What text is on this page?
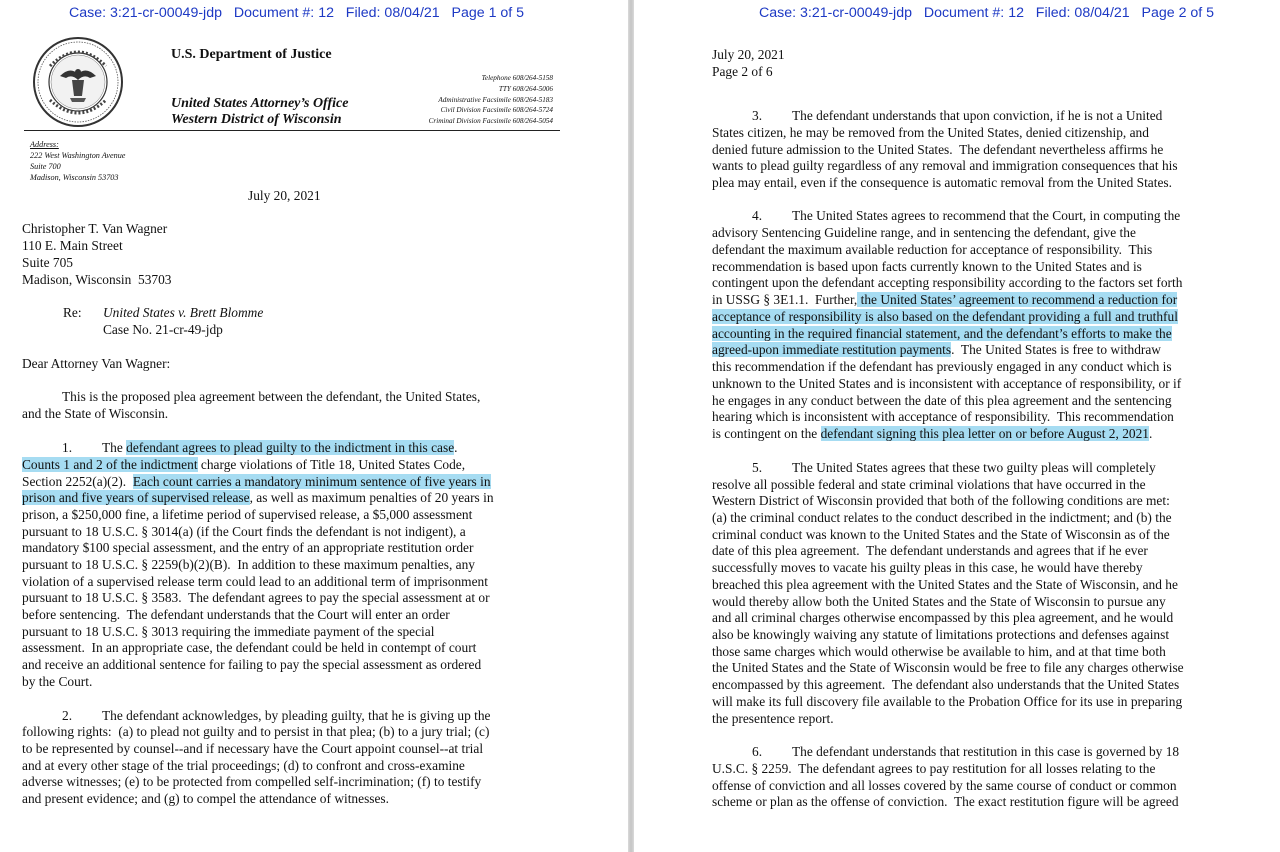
Case: 3:21-cr-00049-jdp   Document #: 12   Filed: 08/04/21   Page 1 of 5
U.S. Department of Justice
United States Attorney’s Office
Western District of Wisconsin
Telephone 608/264-5158
TTY 608/264-5006
Administrative Facsimile 608/264-5183
Civil Division Facsimile 608/264-5724
Criminal Division Facsimile 608/264-5054
Address:
222 West Washington Avenue
Suite 700
Madison, Wisconsin 53703
July 20, 2021
Christopher T. Van Wagner
110 E. Main Street
Suite 705
Madison, Wisconsin  53703
Re: United States v. Brett Blomme
Case No. 21-cr-49-jdp
Dear Attorney Van Wagner:
This is the proposed plea agreement between the defendant, the United States,
and the State of Wisconsin.
1. The defendant agrees to plead guilty to the indictment in this case.
Counts 1 and 2 of the indictment charge violations of Title 18, United States Code,
Section 2252(a)(2).  Each count carries a mandatory minimum sentence of five years in
prison and five years of supervised release, as well as maximum penalties of 20 years in
prison, a $250,000 fine, a lifetime period of supervised release, a $5,000 assessment
pursuant to 18 U.S.C. § 3014(a) (if the Court finds the defendant is not indigent), a
mandatory $100 special assessment, and the entry of an appropriate restitution order
pursuant to 18 U.S.C. § 2259(b)(2)(B).  In addition to these maximum penalties, any
violation of a supervised release term could lead to an additional term of imprisonment
pursuant to 18 U.S.C. § 3583.  The defendant agrees to pay the special assessment at or
before sentencing.  The defendant understands that the Court will enter an order
pursuant to 18 U.S.C. § 3013 requiring the immediate payment of the special
assessment.  In an appropriate case, the defendant could be held in contempt of court
and receive an additional sentence for failing to pay the special assessment as ordered
by the Court.
2. The defendant acknowledges, by pleading guilty, that he is giving up the
following rights:  (a) to plead not guilty and to persist in that plea; (b) to a jury trial; (c)
to be represented by counsel--and if necessary have the Court appoint counsel--at trial
and at every other stage of the trial proceedings; (d) to confront and cross-examine
adverse witnesses; (e) to be protected from compelled self-incrimination; (f) to testify
and present evidence; and (g) to compel the attendance of witnesses.
Case: 3:21-cr-00049-jdp   Document #: 12   Filed: 08/04/21   Page 2 of 5
July 20, 2021
Page 2 of 6
3. The defendant understands that upon conviction, if he is not a United
States citizen, he may be removed from the United States, denied citizenship, and
denied future admission to the United States.  The defendant nevertheless affirms he
wants to plead guilty regardless of any removal and immigration consequences that his
plea may entail, even if the consequence is automatic removal from the United States.
4. The United States agrees to recommend that the Court, in computing the
advisory Sentencing Guideline range, and in sentencing the defendant, give the
defendant the maximum available reduction for acceptance of responsibility.  This
recommendation is based upon facts currently known to the United States and is
contingent upon the defendant accepting responsibility according to the factors set forth
in USSG § 3E1.1.  Further, the United States’ agreement to recommend a reduction for
acceptance of responsibility is also based on the defendant providing a full and truthful
accounting in the required financial statement, and the defendant’s efforts to make the
agreed-upon immediate restitution payments.  The United States is free to withdraw
this recommendation if the defendant has previously engaged in any conduct which is
unknown to the United States and is inconsistent with acceptance of responsibility, or if
he engages in any conduct between the date of this plea agreement and the sentencing
hearing which is inconsistent with acceptance of responsibility.  This recommendation
is contingent on the defendant signing this plea letter on or before August 2, 2021.
5. The United States agrees that these two guilty pleas will completely
resolve all possible federal and state criminal violations that have occurred in the
Western District of Wisconsin provided that both of the following conditions are met:
(a) the criminal conduct relates to the conduct described in the indictment; and (b) the
criminal conduct was known to the United States and the State of Wisconsin as of the
date of this plea agreement.  The defendant understands and agrees that if he ever
successfully moves to vacate his guilty pleas in this case, he would have thereby
breached this plea agreement with the United States and the State of Wisconsin, and he
would thereby allow both the United States and the State of Wisconsin to pursue any
and all criminal charges otherwise encompassed by this plea agreement, and he would
also be knowingly waiving any statute of limitations protections and defenses against
those same charges which would otherwise be available to him, and at that time both
the United States and the State of Wisconsin would be free to file any charges otherwise
encompassed by this agreement.  The defendant also understands that the United States
will make its full discovery file available to the Probation Office for its use in preparing
the presentence report.
6. The defendant understands that restitution in this case is governed by 18
U.S.C. § 2259.  The defendant agrees to pay restitution for all losses relating to the
offense of conviction and all losses covered by the same course of conduct or common
scheme or plan as the offense of conviction.  The exact restitution figure will be agreed
